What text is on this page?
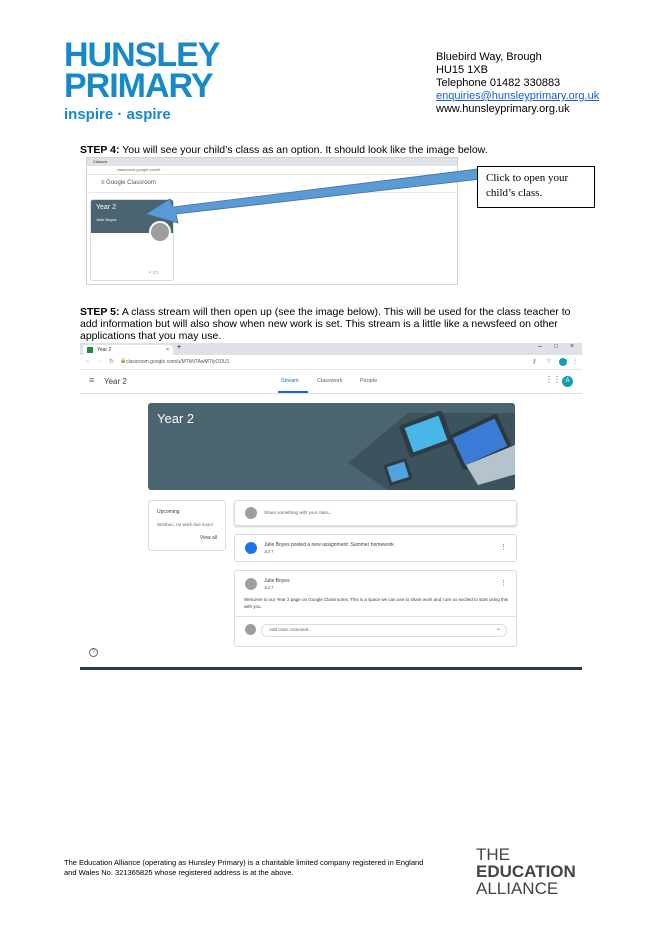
HUNSLEY
PRIMARY
inspire · aspire
Bluebird Way, Brough
HU15 1XB
Telephone 01482 330883
enquiries@hunsleyprimary.org.uk
www.hunsleyprimary.org.uk
STEP 4: You will see your child’s class as an option. It should look like the image below.
Classes
classroom.google.com/h
≡ Google Classroom
Year 2
Julie Boyes
▫ ▭
Click to open your child’s class.
STEP 5: A class stream will then open up (see the image below). This will be used for the class teacher to add information but will also show when new work is set. This stream is a little like a newsfeed on other applications that you may use.
Year 2	× +	– □ ×
← → ↻ 🔒 classroom.google.com/u/MTkNTAwMTIyODU1	⚷ ☆	⋮
≡ Year 2	Stream	Classwork	People	⋮⋮ A
Year 2
Upcoming
Woohoo, no work due soon!
View all
Share something with your class...
Julie Boyes posted a new assignment: Summer homework
Jul 7
⋮
Julie Boyes
Jul 7
⋮
Welcome to our Year 2 page on Google Classrooms. This is a space we can use to share work and I am so excited to start using this with you.
Add class comment...	➢
?
The Education Alliance (operating as Hunsley Primary) is a charitable limited company registered in England and Wales No. 321365825 whose registered address is at the above.
THE
EDUCATION
ALLIANCE
